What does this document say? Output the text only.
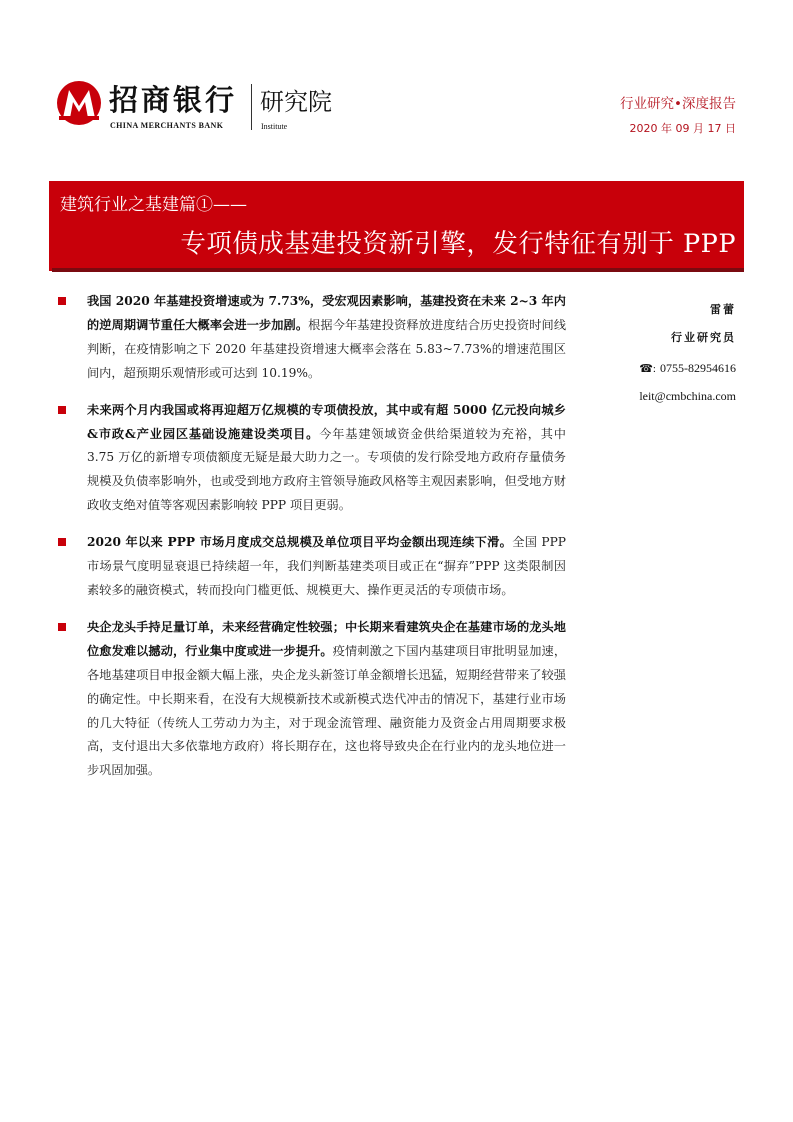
招商银行
CHINA MERCHANTS BANK
研究院
Institute
行业研究•深度报告
2020 年 09 月 17 日
建筑行业之基建篇①——
专项债成基建投资新引擎，发行特征有别于 PPP

我国 2020 年基建投资增速或为 7.73%，受宏观因素影响，基建投资在未来 2~3 年内的逆周期调节重任大概率会进一步加剧。根据今年基建投资释放进度结合历史投资时间线判断，在疫情影响之下 2020 年基建投资增速大概率会落在 5.83~7.73%的增速范围区间内，超预期乐观情形或可达到 10.19%。

未来两个月内我国或将再迎超万亿规模的专项债投放，其中或有超 5000 亿元投向城乡&市政&产业园区基础设施建设类项目。今年基建领域资金供给渠道较为充裕，其中 3.75 万亿的新增专项债额度无疑是最大助力之一。专项债的发行除受地方政府存量债务规模及负债率影响外，也或受到地方政府主管领导施政风格等主观因素影响，但受地方财政收支绝对值等客观因素影响较 PPP 项目更弱。

2020 年以来 PPP 市场月度成交总规模及单位项目平均金额出现连续下滑。全国 PPP 市场景气度明显衰退已持续超一年，我们判断基建类项目或正在“摒弃”PPP 这类限制因素较多的融资模式，转而投向门槛更低、规模更大、操作更灵活的专项债市场。

央企龙头手持足量订单，未来经营确定性较强；中长期来看建筑央企在基建市场的龙头地位愈发难以撼动，行业集中度或进一步提升。疫情刺激之下国内基建项目审批明显加速，各地基建项目申报金额大幅上涨，央企龙头新签订单金额增长迅猛，短期经营带来了较强的确定性。中长期来看，在没有大规模新技术或新模式迭代冲击的情况下，基建行业市场的几大特征（传统人工劳动力为主，对于现金流管理、融资能力及资金占用周期要求极高，支付退出大多依靠地方政府）将长期存在，这也将导致央企在行业内的龙头地位进一步巩固加强。

雷蕾
行业研究员
☎: 0755-82954616
leit@cmbchina.com
